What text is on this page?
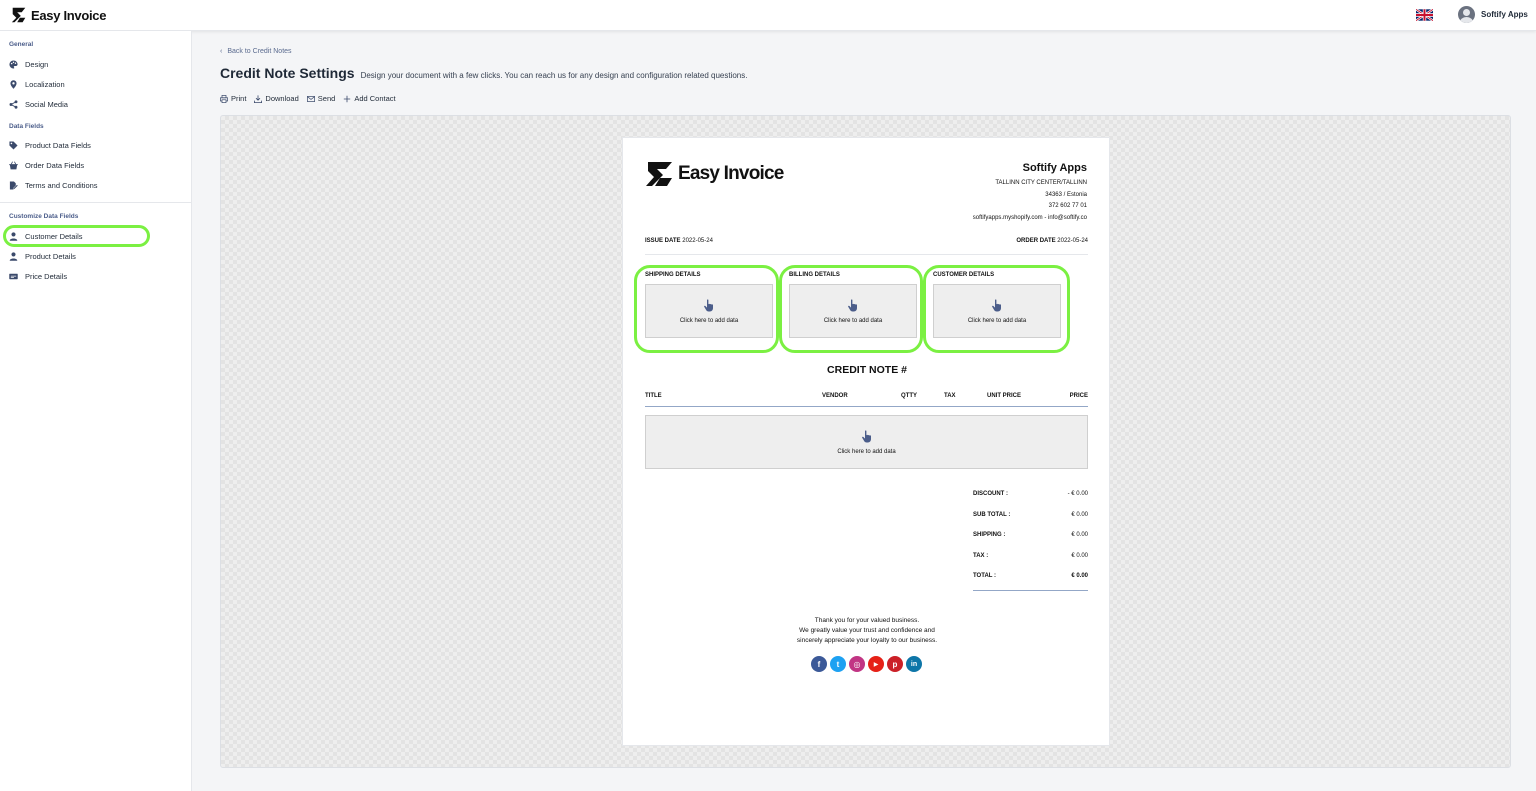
Easy Invoice	Softify Apps
General
Design
Localization
Social Media
Data Fields
Product Data Fields
Order Data Fields
Terms and Conditions
Customize Data Fields
Customer Details
Product Details
Price Details
‹ Back to Credit Notes
Credit Note Settings Design your document with a few clicks. You can reach us for any design and configuration related questions.
Print	Download	Send	Add Contact
Easy Invoice	Softify Apps
TALLINN CITY CENTER/TALLINN
34363 / Estonia
372 602 77 01
softifyapps.myshopify.com - info@softify.co
ISSUE DATE 2022-05-24	ORDER DATE 2022-05-24
SHIPPING DETAILS
Click here to add data
BILLING DETAILS
Click here to add data
CUSTOMER DETAILS
Click here to add data
CREDIT NOTE #
TITLE	VENDOR	QTTY	TAX	UNIT PRICE	PRICE
Click here to add data
DISCOUNT :	- € 0.00
SUB TOTAL :	€ 0.00
SHIPPING :	€ 0.00
TAX :	€ 0.00
TOTAL :	€ 0.00
Thank you for your valued business.
We greatly value your trust and confidence and
sincerely appreciate your loyalty to our business.
f	t	◎	▶	p	in
